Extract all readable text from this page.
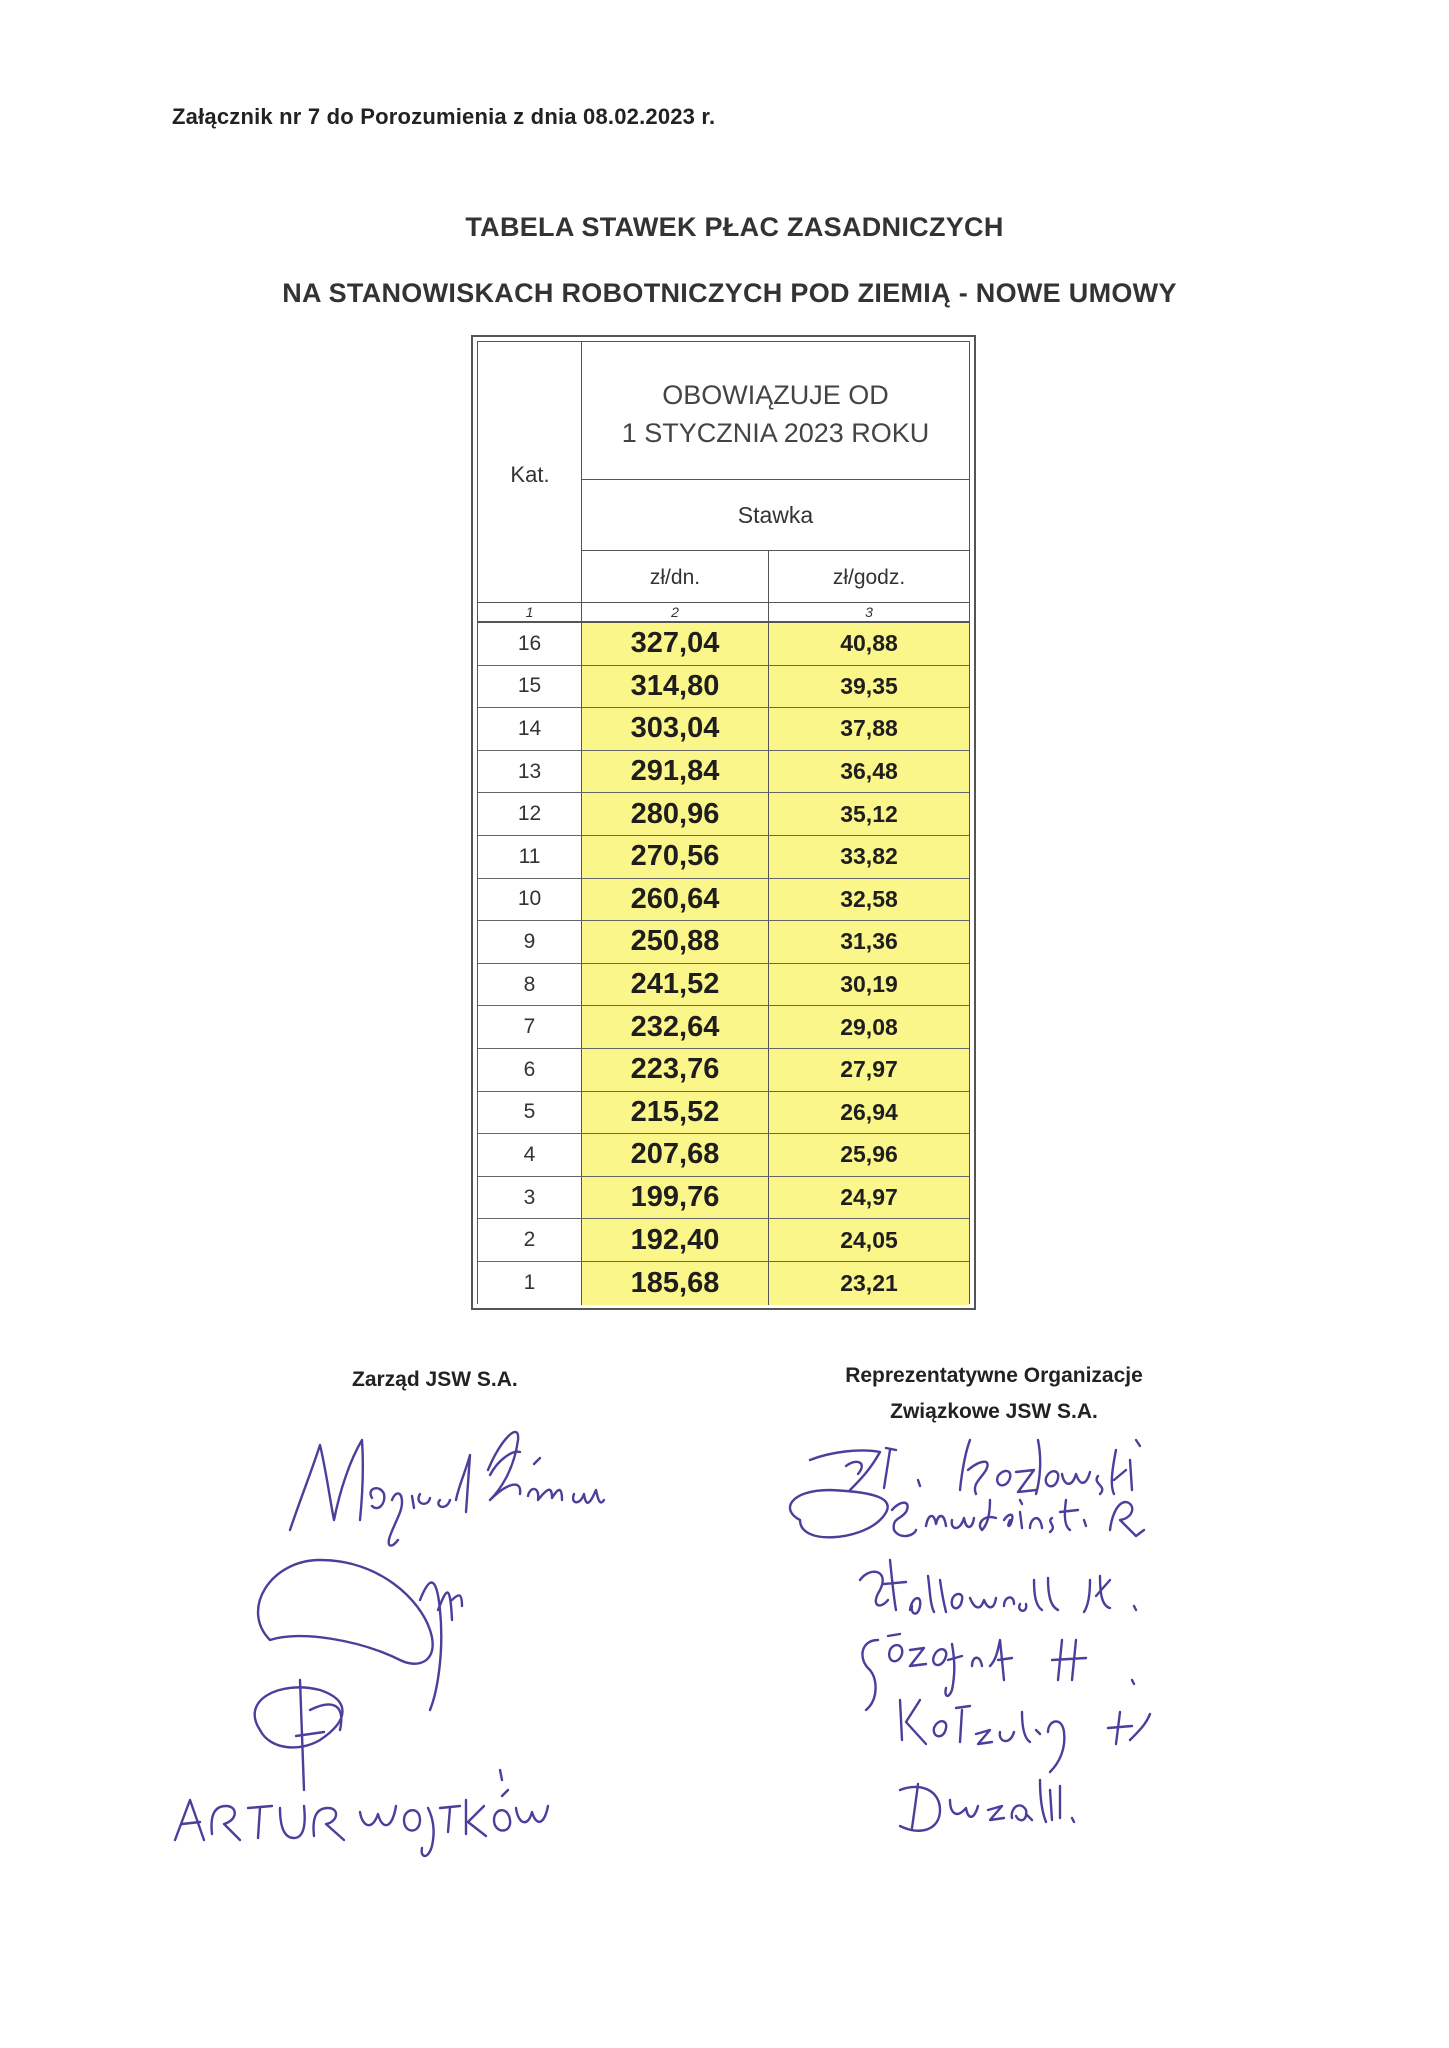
Załącznik nr 7 do Porozumienia z dnia 08.02.2023 r.
TABELA STAWEK PŁAC ZASADNICZYCH
NA STANOWISKACH ROBOTNICZYCH POD ZIEMIĄ - NOWE UMOWY
Kat.
OBOWIĄZUJE OD
1 STYCZNIA 2023 ROKU
Stawka
zł/dn.	zł/godz.
1	2	3
16	327,04	40,88
15	314,80	39,35
14	303,04	37,88
13	291,84	36,48
12	280,96	35,12
11	270,56	33,82
10	260,64	32,58
9	250,88	31,36
8	241,52	30,19
7	232,64	29,08
6	223,76	27,97
5	215,52	26,94
4	207,68	25,96
3	199,76	24,97
2	192,40	24,05
1	185,68	23,21
Zarząd JSW S.A.	Reprezentatywne Organizacje
Związkowe JSW S.A.
